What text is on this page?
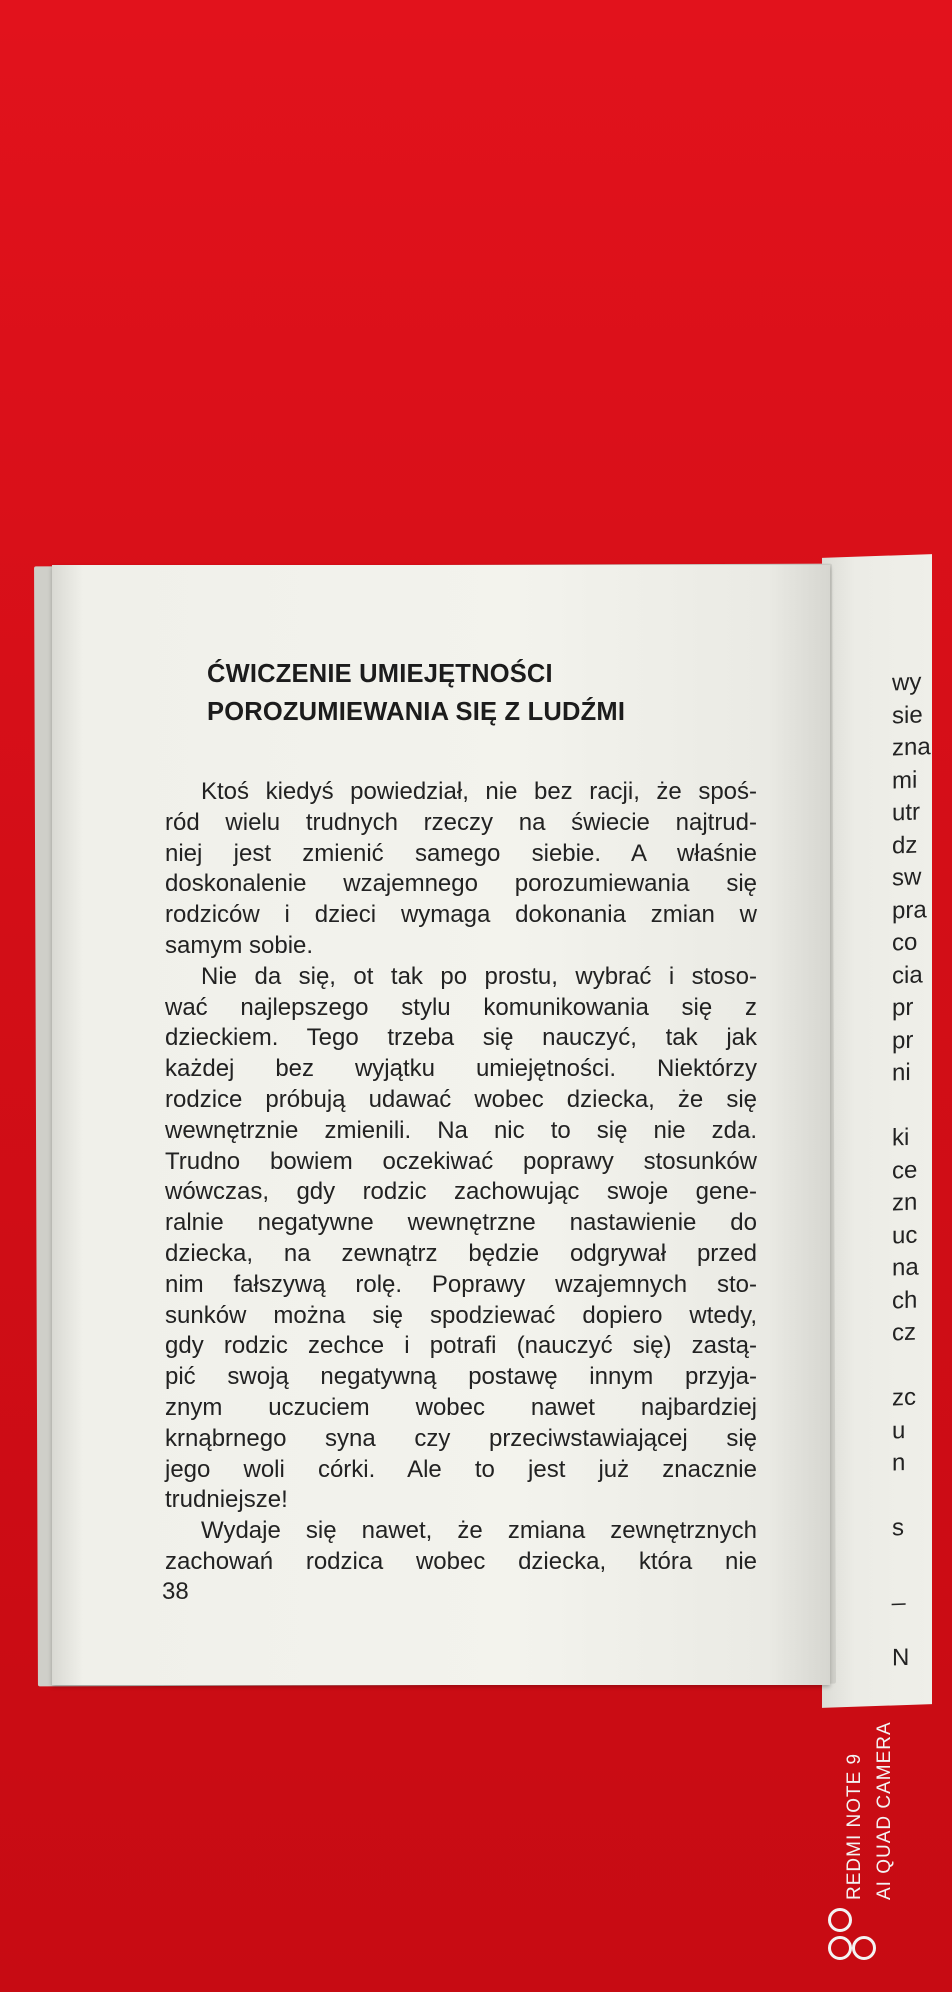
wy
sie
zna
mi
utr
dz
sw
pra
co
cia
pr
pr
ni

ki
ce
zn
uc
na
ch
cz

zc
u
n

s

_

N
ĆWICZENIE UMIEJĘTNOŚCI
POROZUMIEWANIA SIĘ Z LUDŹMI
Ktoś kiedyś powiedział, nie bez racji, że spoś-
ród wielu trudnych rzeczy na świecie najtrud-
niej jest zmienić samego siebie. A właśnie
doskonalenie wzajemnego porozumiewania się
rodziców i dzieci wymaga dokonania zmian w
samym sobie.
Nie da się, ot tak po prostu, wybrać i stoso-
wać najlepszego stylu komunikowania się z
dzieckiem. Tego trzeba się nauczyć, tak jak
każdej bez wyjątku umiejętności. Niektórzy
rodzice próbują udawać wobec dziecka, że się
wewnętrznie zmienili. Na nic to się nie zda.
Trudno bowiem oczekiwać poprawy stosunków
wówczas, gdy rodzic zachowując swoje gene-
ralnie negatywne wewnętrzne nastawienie do
dziecka, na zewnątrz będzie odgrywał przed
nim fałszywą rolę. Poprawy wzajemnych sto-
sunków można się spodziewać dopiero wtedy,
gdy rodzic zechce i potrafi (nauczyć się) zastą-
pić swoją negatywną postawę innym przyja-
znym uczuciem wobec nawet najbardziej
krnąbrnego syna czy przeciwstawiającej się
jego woli córki. Ale to jest już znacznie
trudniejsze!
Wydaje się nawet, że zmiana zewnętrznych
zachowań rodzica wobec dziecka, która nie
38
REDMI NOTE 9 AI QUAD CAMERA
